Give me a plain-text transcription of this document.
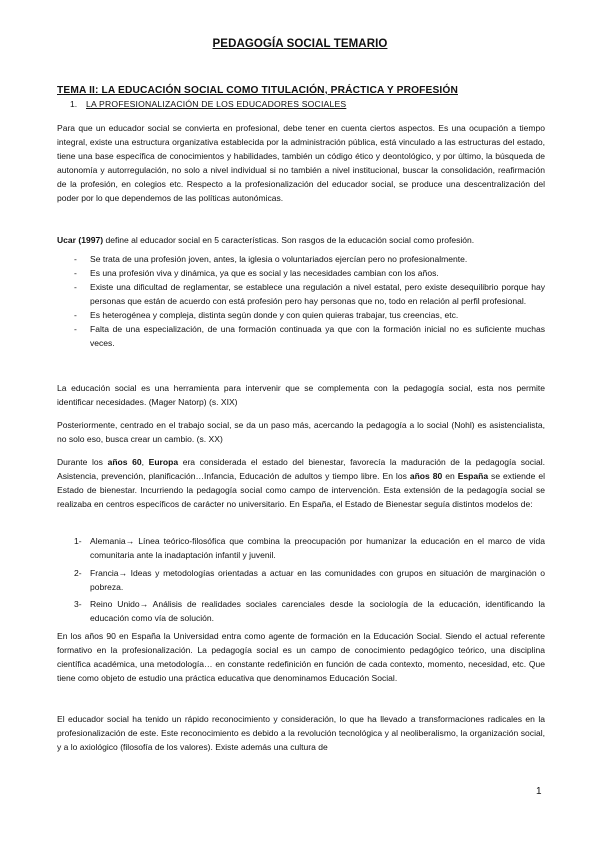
PEDAGOGÍA SOCIAL TEMARIO
TEMA II: LA EDUCACIÓN SOCIAL COMO TITULACIÓN, PRÁCTICA Y PROFESIÓN
1. LA PROFESIONALIZACIÓN DE LOS EDUCADORES SOCIALES

Para que un educador social se convierta en profesional, debe tener en cuenta ciertos aspectos. Es una ocupación a tiempo integral, existe una estructura organizativa establecida por la administración pública, está vinculado a las estructuras del estado, tiene una base específica de conocimientos y habilidades, también un código ético y deontológico, y por último, la búsqueda de autonomía y autorregulación, no solo a nivel individual si no también a nivel institucional, buscar la consolidación, reafirmación de la profesión, en colegios etc. Respecto a la profesionalización del educador social, se produce una descentralización del poder por lo que dependemos de las políticas autonómicas.

Ucar (1997) define al educador social en 5 características. Son rasgos de la educación social como profesión.

- Se trata de una profesión joven, antes, la iglesia o voluntariados ejercían pero no profesionalmente.
- Es una profesión viva y dinámica, ya que es social y las necesidades cambian con los años.
- Existe una dificultad de reglamentar, se establece una regulación a nivel estatal, pero existe desequilibrio porque hay personas que están de acuerdo con está profesión pero hay personas que no, todo en relación al perfil profesional.
- Es heterogénea y compleja, distinta según donde y con quien quieras trabajar, tus creencias, etc.
- Falta de una especialización, de una formación continuada ya que con la formación inicial no es suficiente muchas veces.

La educación social es una herramienta para intervenir que se complementa con la pedagogía social, esta nos permite identificar necesidades. (Mager Natorp) (s. XIX)

Posteriormente, centrado en el trabajo social, se da un paso más, acercando la pedagogía a lo social (Nohl) es asistencialista, no solo eso, busca crear un cambio. (s. XX)

Durante los años 60, Europa era considerada el estado del bienestar, favorecía la maduración de la pedagogía social. Asistencia, prevención, planificación…Infancia, Educación de adultos y tiempo libre. En los años 80 en España se extiende el Estado de bienestar. Incurriendo la pedagogía social como campo de intervención. Esta extensión de la pedagogía social se realizaba en centros específicos de carácter no universitario. En España, el Estado de Bienestar seguía distintos modelos de:

1- Alemania→ Línea teórico-filosófica que combina la preocupación por humanizar la educación en el marco de vida comunitaria ante la inadaptación infantil y juvenil.
2- Francia→ Ideas y metodologías orientadas a actuar en las comunidades con grupos en situación de marginación o pobreza.
3- Reino Unido→ Análisis de realidades sociales carenciales desde la sociología de la educación, identificando la educación como vía de solución.

En los años 90 en España la Universidad entra como agente de formación en la Educación Social. Siendo el actual referente formativo en la profesionalización. La pedagogía social es un campo de conocimiento pedagógico teórico, una disciplina científica académica, una metodología… en constante redefinición en función de cada contexto, momento, necesidad, etc. Que tiene como objeto de estudio una práctica educativa que denominamos Educación Social.

El educador social ha tenido un rápido reconocimiento y consideración, lo que ha llevado a transformaciones radicales en la profesionalización de este. Este reconocimiento es debido a la revolución tecnológica y al neoliberalismo, la organización social, y a lo axiológico (filosofía de los valores). Existe además una cultura de

1
